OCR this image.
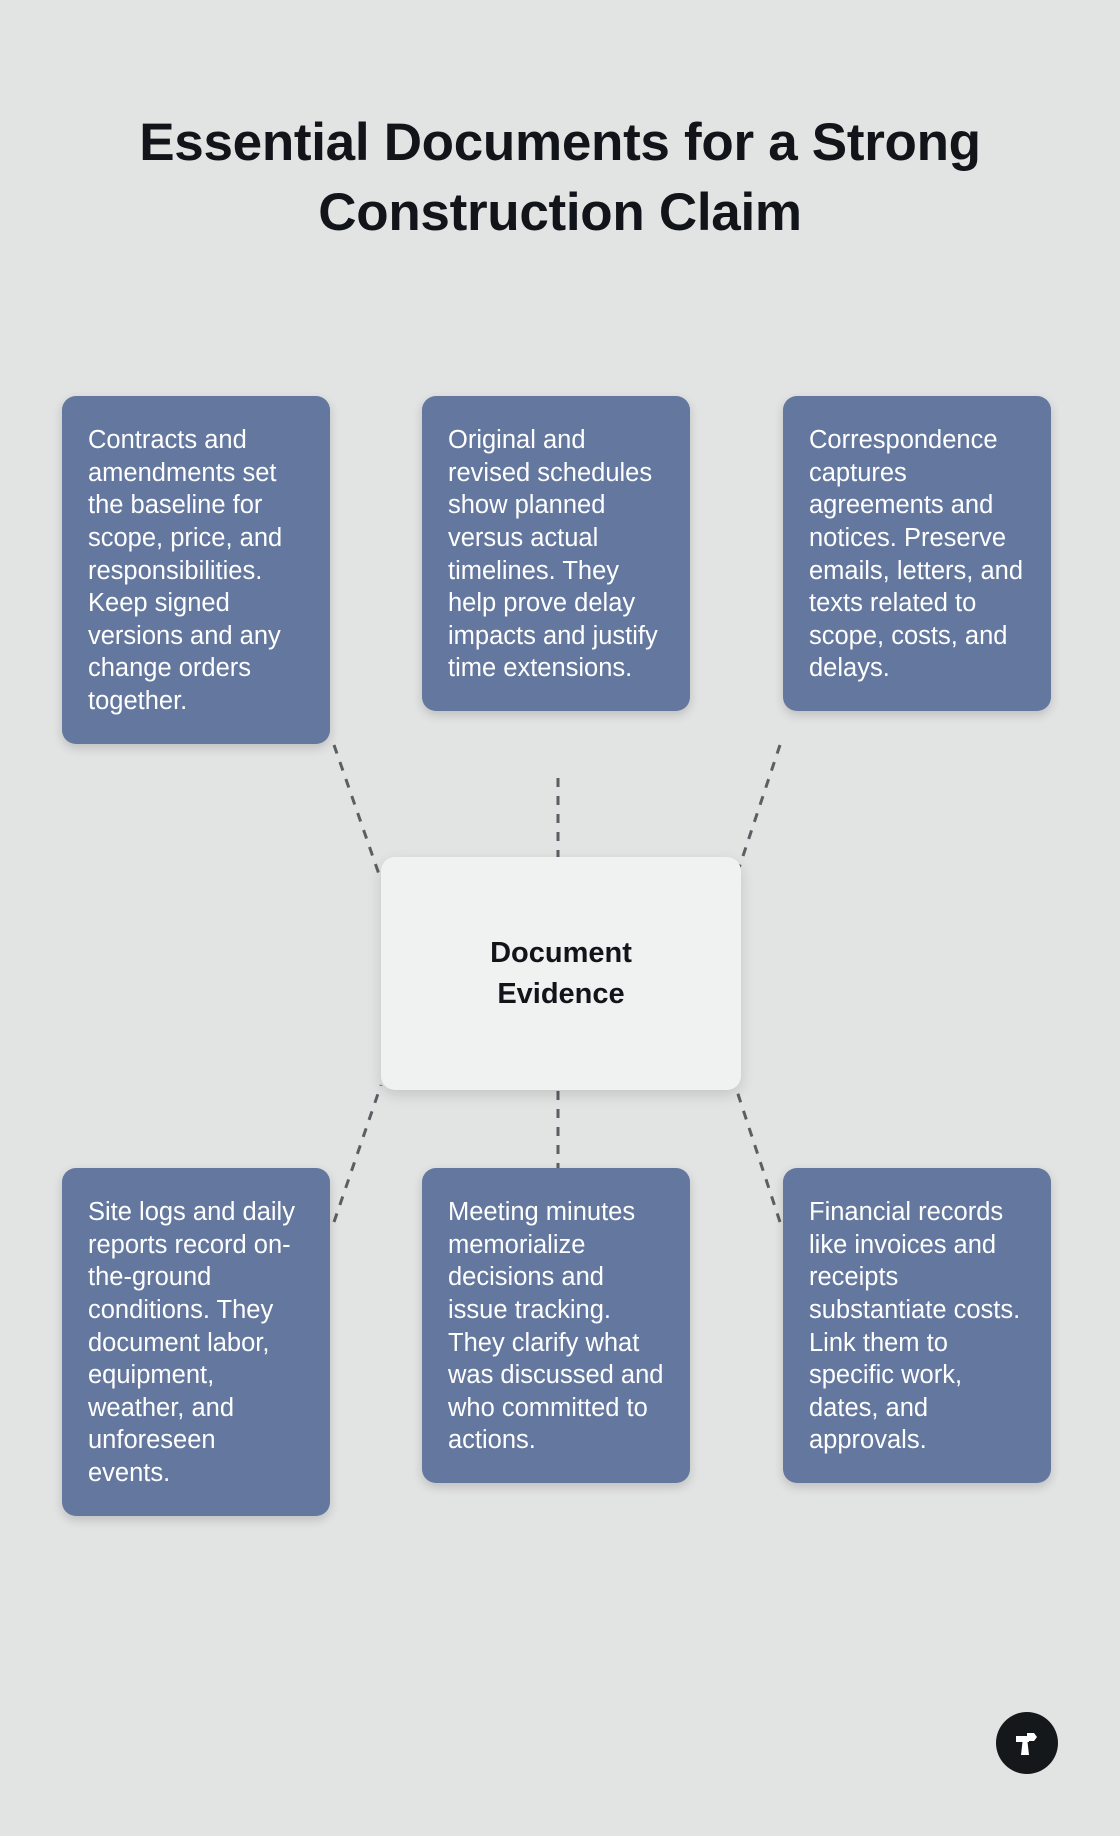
Essential Documents for a Strong Construction Claim

Contracts and amendments set the baseline for scope, price, and responsibilities. Keep signed versions and any change orders together.

Original and revised schedules show planned versus actual timelines. They help prove delay impacts and justify time extensions.

Correspondence captures agreements and notices. Preserve emails, letters, and texts related to scope, costs, and delays.

Document
Evidence

Site logs and daily reports record on-the-ground conditions. They document labor, equipment, weather, and unforeseen events.

Meeting minutes memorialize decisions and issue tracking. They clarify what was discussed and who committed to actions.

Financial records like invoices and receipts substantiate costs. Link them to specific work, dates, and approvals.
